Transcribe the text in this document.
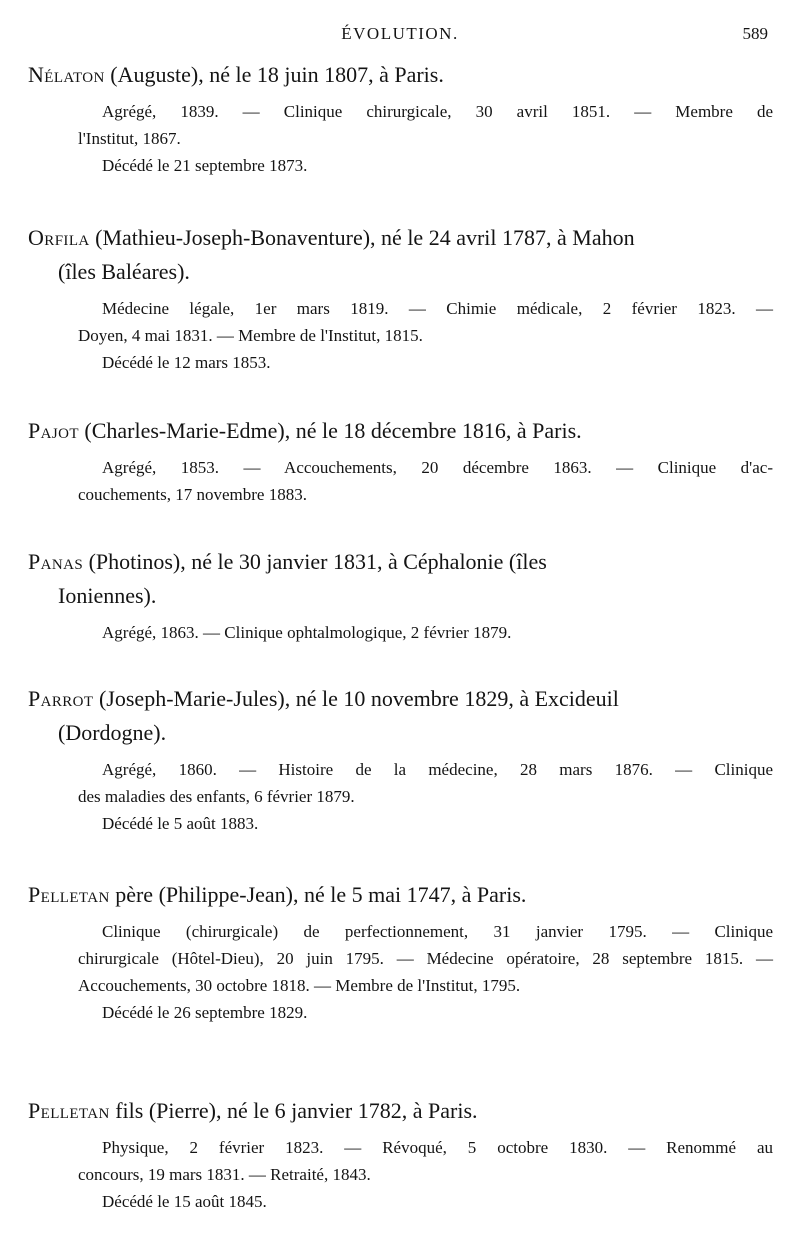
ÉVOLUTION.	589
Nélaton (Auguste), né le 18 juin 1807, à Paris.
Agrégé, 1839. — Clinique chirurgicale, 30 avril 1851. — Membre de
l'Institut, 1867.
Décédé le 21 septembre 1873.
Orfila (Mathieu-Joseph-Bonaventure), né le 24 avril 1787, à Mahon
(îles Baléares).
Médecine légale, 1er mars 1819. — Chimie médicale, 2 février 1823. —
Doyen, 4 mai 1831. — Membre de l'Institut, 1815.
Décédé le 12 mars 1853.
Pajot (Charles-Marie-Edme), né le 18 décembre 1816, à Paris.
Agrégé, 1853. — Accouchements, 20 décembre 1863. — Clinique d'ac-
couchements, 17 novembre 1883.
Panas (Photinos), né le 30 janvier 1831, à Céphalonie (îles
Ioniennes).
Agrégé, 1863. — Clinique ophtalmologique, 2 février 1879.
Parrot (Joseph-Marie-Jules), né le 10 novembre 1829, à Excideuil
(Dordogne).
Agrégé, 1860. — Histoire de la médecine, 28 mars 1876. — Clinique
des maladies des enfants, 6 février 1879.
Décédé le 5 août 1883.
Pelletan père (Philippe-Jean), né le 5 mai 1747, à Paris.
Clinique (chirurgicale) de perfectionnement, 31 janvier 1795. — Clinique
chirurgicale (Hôtel-Dieu), 20 juin 1795. — Médecine opératoire, 28 septembre 1815. — Accouchements, 30 octobre 1818. — Membre de l'Institut, 1795.
Décédé le 26 septembre 1829.
Pelletan fils (Pierre), né le 6 janvier 1782, à Paris.
Physique, 2 février 1823. — Révoqué, 5 octobre 1830. — Renommé au
concours, 19 mars 1831. — Retraité, 1843.
Décédé le 15 août 1845.
